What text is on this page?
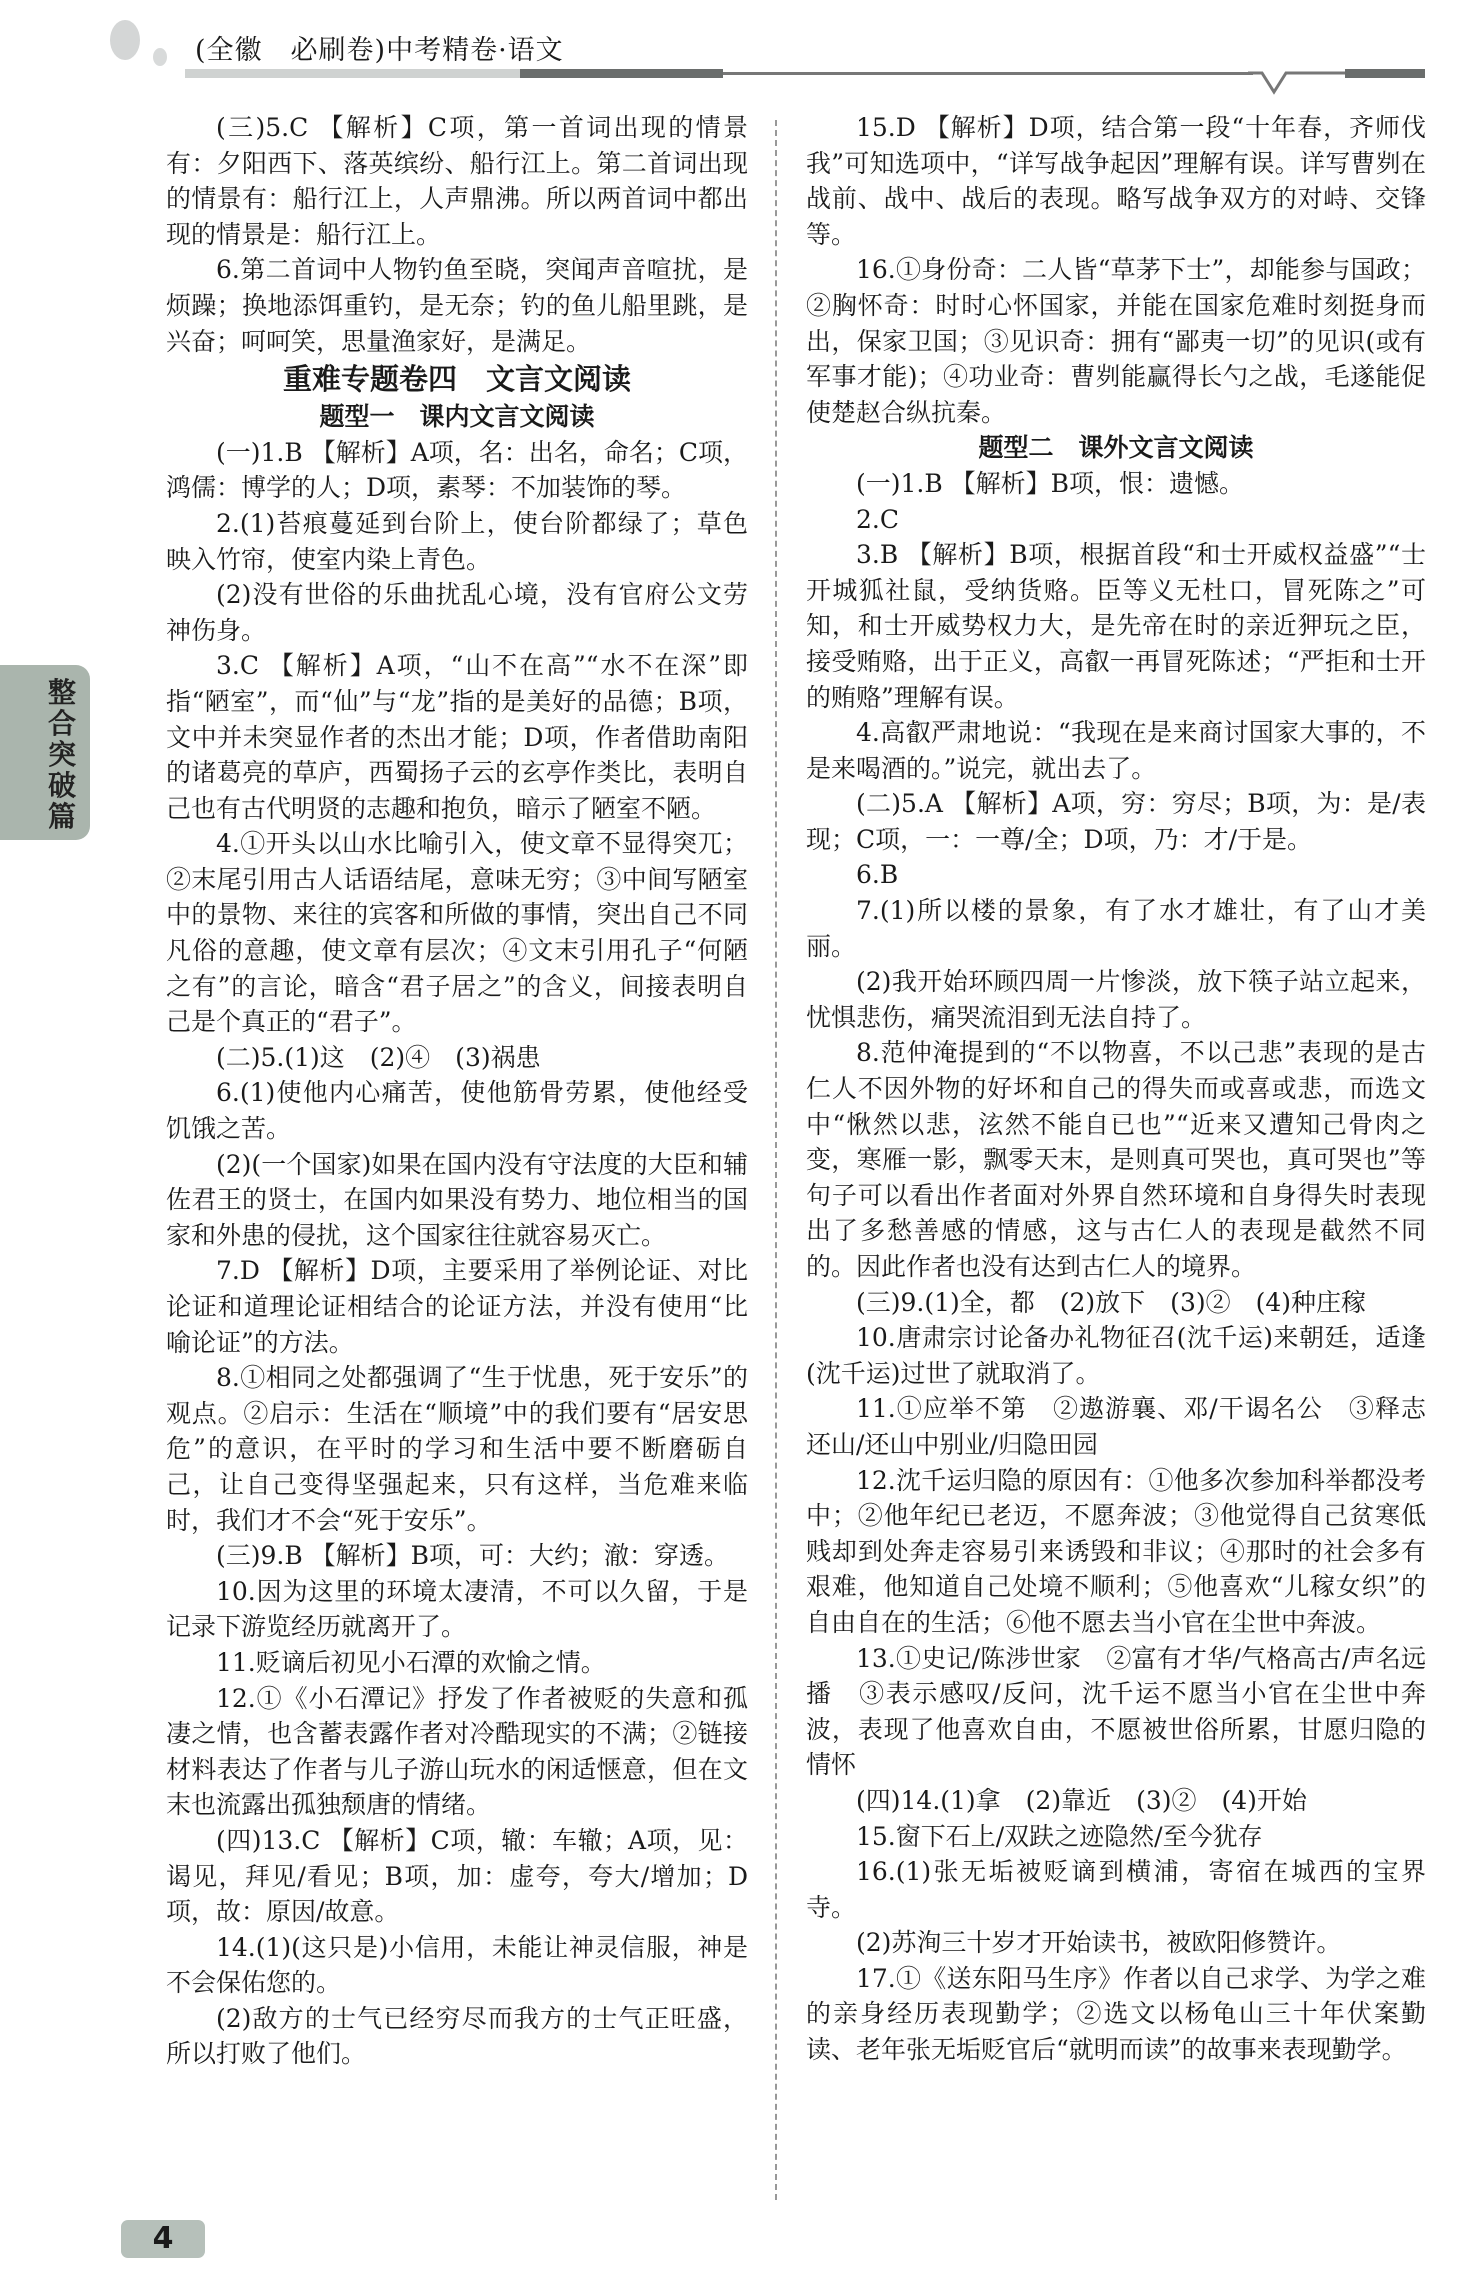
(全徽　必刷卷)中考精卷·语文
(三)5.C 【解析】C项，第一首词出现的情景有：夕阳西下、落英缤纷、船行江上。第二首词出现的情景有：船行江上，人声鼎沸。所以两首词中都出现的情景是：船行江上。
6.第二首词中人物钓鱼至晓，突闻声音喧扰，是烦躁；换地添饵重钓，是无奈；钓的鱼儿船里跳，是兴奋；呵呵笑，思量渔家好，是满足。
重难专题卷四　文言文阅读
题型一　课内文言文阅读
(一)1.B 【解析】A项，名：出名，命名；C项，鸿儒：博学的人；D项，素琴：不加装饰的琴。
2.(1)苔痕蔓延到台阶上，使台阶都绿了；草色映入竹帘，使室内染上青色。
(2)没有世俗的乐曲扰乱心境，没有官府公文劳神伤身。
3.C 【解析】A项，“山不在高”“水不在深”即指“陋室”，而“仙”与“龙”指的是美好的品德；B项，文中并未突显作者的杰出才能；D项，作者借助南阳的诸葛亮的草庐，西蜀扬子云的玄亭作类比，表明自己也有古代明贤的志趣和抱负，暗示了陋室不陋。
4.①开头以山水比喻引入，使文章不显得突兀；②末尾引用古人话语结尾，意味无穷；③中间写陋室中的景物、来往的宾客和所做的事情，突出自己不同凡俗的意趣，使文章有层次；④文末引用孔子“何陋之有”的言论，暗含“君子居之”的含义，间接表明自己是个真正的“君子”。
(二)5.(1)这　(2)④　(3)祸患
6.(1)使他内心痛苦，使他筋骨劳累，使他经受饥饿之苦。
(2)(一个国家)如果在国内没有守法度的大臣和辅佐君王的贤士，在国内如果没有势力、地位相当的国家和外患的侵扰，这个国家往往就容易灭亡。
7.D 【解析】D项，主要采用了举例论证、对比论证和道理论证相结合的论证方法，并没有使用“比喻论证”的方法。
8.①相同之处都强调了“生于忧患，死于安乐”的观点。②启示：生活在“顺境”中的我们要有“居安思危”的意识，在平时的学习和生活中要不断磨砺自己，让自己变得坚强起来，只有这样，当危难来临时，我们才不会“死于安乐”。
(三)9.B 【解析】B项，可：大约；澈：穿透。
10.因为这里的环境太凄清，不可以久留，于是记录下游览经历就离开了。
11.贬谪后初见小石潭的欢愉之情。
12.①《小石潭记》抒发了作者被贬的失意和孤凄之情，也含蓄表露作者对冷酷现实的不满；②链接材料表达了作者与儿子游山玩水的闲适惬意，但在文末也流露出孤独颓唐的情绪。
(四)13.C 【解析】C项，辙：车辙；A项，见：谒见，拜见/看见；B项，加：虚夸，夸大/增加；D项，故：原因/故意。
14.(1)(这只是)小信用，未能让神灵信服，神是不会保佑您的。
(2)敌方的士气已经穷尽而我方的士气正旺盛，所以打败了他们。
15.D 【解析】D项，结合第一段“十年春，齐师伐我”可知选项中，“详写战争起因”理解有误。详写曹刿在战前、战中、战后的表现。略写战争双方的对峙、交锋等。
16.①身份奇：二人皆“草茅下士”，却能参与国政；②胸怀奇：时时心怀国家，并能在国家危难时刻挺身而出，保家卫国；③见识奇：拥有“鄙夷一切”的见识(或有军事才能)；④功业奇：曹刿能赢得长勺之战，毛遂能促使楚赵合纵抗秦。
题型二　课外文言文阅读
(一)1.B 【解析】B项，恨：遗憾。
2.C
3.B 【解析】B项，根据首段“和士开威权益盛”“士开城狐社鼠，受纳货赂。臣等义无杜口，冒死陈之”可知，和士开威势权力大，是先帝在时的亲近狎玩之臣，接受贿赂，出于正义，高叡一再冒死陈述；“严拒和士开的贿赂”理解有误。
4.高叡严肃地说：“我现在是来商讨国家大事的，不是来喝酒的。”说完，就出去了。
(二)5.A 【解析】A项，穷：穷尽；B项，为：是/表现；C项，一：一尊/全；D项，乃：才/于是。
6.B
7.(1)所以楼的景象，有了水才雄壮，有了山才美丽。
(2)我开始环顾四周一片惨淡，放下筷子站立起来，忧惧悲伤，痛哭流泪到无法自持了。
8.范仲淹提到的“不以物喜，不以己悲”表现的是古仁人不因外物的好坏和自己的得失而或喜或悲，而选文中“愀然以悲，泫然不能自已也”“近来又遭知己骨肉之变，寒雁一影，飘零天末，是则真可哭也，真可哭也”等句子可以看出作者面对外界自然环境和自身得失时表现出了多愁善感的情感，这与古仁人的表现是截然不同的。因此作者也没有达到古仁人的境界。
(三)9.(1)全，都　(2)放下　(3)②　(4)种庄稼
10.唐肃宗讨论备办礼物征召(沈千运)来朝廷，适逢(沈千运)过世了就取消了。
11.①应举不第　②遨游襄、邓/干谒名公　③释志还山/还山中别业/归隐田园
12.沈千运归隐的原因有：①他多次参加科举都没考中；②他年纪已老迈，不愿奔波；③他觉得自己贫寒低贱却到处奔走容易引来诱毁和非议；④那时的社会多有艰难，他知道自己处境不顺利；⑤他喜欢“儿稼女织”的自由自在的生活；⑥他不愿去当小官在尘世中奔波。
13.①史记/陈涉世家　②富有才华/气格高古/声名远播　③表示感叹/反问，沈千运不愿当小官在尘世中奔波，表现了他喜欢自由，不愿被世俗所累，甘愿归隐的情怀
(四)14.(1)拿　(2)靠近　(3)②　(4)开始
15.窗下石上/双趺之迹隐然/至今犹存
16.(1)张无垢被贬谪到横浦，寄宿在城西的宝界寺。
(2)苏洵三十岁才开始读书，被欧阳修赞许。
17.①《送东阳马生序》作者以自己求学、为学之难的亲身经历表现勤学；②选文以杨龟山三十年伏案勤读、老年张无垢贬官后“就明而读”的故事来表现勤学。
整合突破篇
4
